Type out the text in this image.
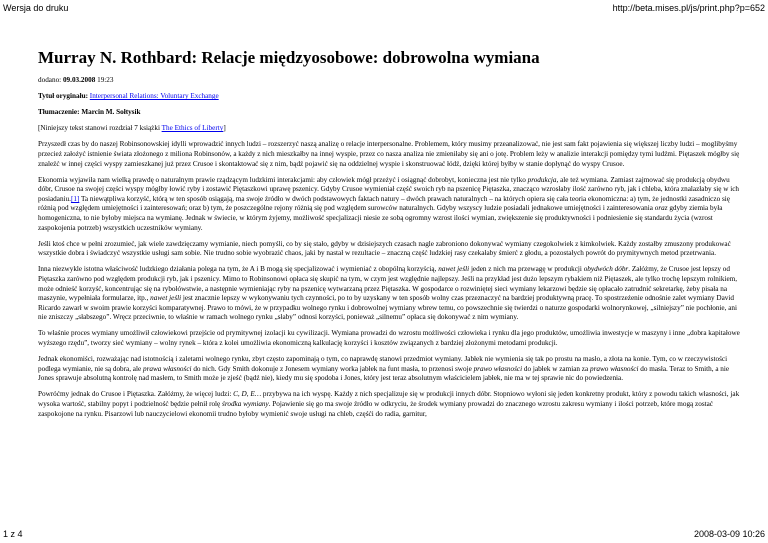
Wersja do druku	http://beta.mises.pl/js/print.php?p=652
Murray N. Rothbard: Relacje międzyosobowe: dobrowolna wymiana

dodano: 09.03.2008 19:23

Tytuł oryginału: Interpersonal Relations: Voluntary Exchange

Tłumaczenie: Marcin M. Sołtysik

[Niniejszy tekst stanowi rozdział 7 książki The Ethics of Liberty]

Przyszedł czas by do naszej Robinsonowskiej idylli wprowadzić innych ludzi – rozszerzyć naszą analizę o relacje interpersonalne. Problemem, który musimy przeanalizować, nie jest sam fakt pojawienia się większej liczby ludzi – moglibyśmy przecież założyć istnienie świata złożonego z miliona Robinsonów, a każdy z nich mieszkałby na innej wyspie, przez co nasza analiza nie zmieniłaby się ani o jotę. Problem leży w analizie interakcji pomiędzy tymi ludźmi. Piętaszek mógłby się znaleźć w innej części wyspy zamieszkanej już przez Crusoe i skontaktować się z nim, bądź pojawić się na oddzielnej wyspie i skonstruować łódź, dzięki której byłby w stanie dopłynąć do wyspy Crusoe.

Ekonomia wyjawiła nam wielką prawdę o naturalnym prawie rządzącym ludzkimi interakcjami: aby człowiek mógł przeżyć i osiągnąć dobrobyt, konieczna jest nie tylko produkcja, ale też wymiana. Zamiast zajmować się produkcją obydwu dóbr, Crusoe na swojej części wyspy mógłby łowić ryby i zostawić Piętaszkowi uprawę pszenicy. Gdyby Crusoe wymieniał część swoich ryb na pszenicę Piętaszka, znacząco wzrosłaby ilość zarówno ryb, jak i chleba, która znalazłaby się w ich posiadaniu.[1] Ta niewątpliwa korzyść, którą w ten sposób osiągają, ma swoje źródło w dwóch podstawowych faktach natury – dwóch prawach naturalnych – na których opiera się cała teoria ekonomiczna: a) tym, że jednostki zasadniczo się różnią pod względem umiejętności i zainteresowań; oraz b) tym, że poszczególne rejony różnią się pod względem surowców naturalnych. Gdyby wszyscy ludzie posiadali jednakowe umiejętności i zainteresowania oraz gdyby ziemia była homogeniczna, to nie byłoby miejsca na wymianę. Jednak w świecie, w którym żyjemy, możliwość specjalizacji niesie ze sobą ogromny wzrost ilości wymian, zwiększenie się produktywności i podniesienie się standardu życia (wzrost zaspokojenia potrzeb) wszystkich uczestników wymiany.

Jeśli ktoś chce w pełni zrozumieć, jak wiele zawdzięczamy wymianie, niech pomyśli, co by się stało, gdyby w dzisiejszych czasach nagle zabroniono dokonywać wymiany czegokolwiek z kimkolwiek. Każdy zostałby zmuszony produkować wszystkie dobra i świadczyć wszystkie usługi sam sobie. Nie trudno sobie wyobrazić chaos, jaki by nastał w rezultacie – znaczną część ludzkiej rasy czekałaby śmierć z głodu, a pozostałych powrót do prymitywnych metod przetrwania.

Inna niezwykle istotna właściwość ludzkiego działania polega na tym, że A i B mogą się specjalizować i wymieniać z obopólną korzyścią, nawet jeśli jeden z nich ma przewagę w produkcji obydwóch dóbr. Załóżmy, że Crusoe jest lepszy od Piętaszka zarówno pod względem produkcji ryb, jak i pszenicy. Mimo to Robinsonowi opłaca się skupić na tym, w czym jest względnie najlepszy. Jeśli na przykład jest dużo lepszym rybakiem niż Piętaszek, ale tylko trochę lepszym rolnikiem, może odnieść korzyść, koncentrując się na rybołówstwie, a następnie wymieniając ryby na pszenicę wytwarzaną przez Piętaszka. W gospodarce o rozwiniętej sieci wymiany lekarzowi będzie się opłacało zatrudnić sekretarkę, żeby pisała na maszynie, wypełniała formularze, itp., nawet jeśli jest znacznie lepszy w wykonywaniu tych czynności, po to by uzyskany w ten sposób wolny czas przeznaczyć na bardziej produktywną pracę. To spostrzeżenie odnośnie zalet wymiany David Ricardo zawarł w swoim prawie korzyści komparatywnej. Prawo to mówi, że w przypadku wolnego rynku i dobrowolnej wymiany wbrew temu, co powszechnie się twierdzi o naturze gospodarki wolnorynkowej, „silniejszy” nie pochłonie, ani nie zniszczy „słabszego”. Wręcz przeciwnie, to właśnie w ramach wolnego rynku „słaby” odnosi korzyści, ponieważ „silnemu” opłaca się dokonywać z nim wymiany.

To właśnie proces wymiany umożliwił człowiekowi przejście od prymitywnej izolacji ku cywilizacji. Wymiana prowadzi do wzrostu możliwości człowieka i rynku dla jego produktów, umożliwia inwestycje w maszyny i inne „dobra kapitałowe wyższego rzędu”, tworzy sieć wymiany – wolny rynek – która z kolei umożliwia ekonomiczną kalkulację korzyści i kosztów związanych z bardziej złożonymi metodami produkcji.

Jednak ekonomiści, rozważając nad istotnością i zaletami wolnego rynku, zbyt często zapominają o tym, co naprawdę stanowi przedmiot wymiany. Jabłek nie wymienia się tak po prostu na masło, a złota na konie. Tym, co w rzeczywistości podlega wymianie, nie są dobra, ale prawa własności do nich. Gdy Smith dokonuje z Jonesem wymiany worka jabłek na funt masła, to przenosi swoje prawo własności do jabłek w zamian za prawo własności do masła. Teraz to Smith, a nie Jones sprawuje absolutną kontrolę nad masłem, to Smith może je zjeść (bądź nie), kiedy mu się spodoba i Jones, który jest teraz absolutnym właścicielem jabłek, nie ma w tej sprawie nic do powiedzenia.

Powróćmy jednak do Crusoe i Piętaszka. Załóżmy, że więcej ludzi: C, D, E… przybywa na ich wyspę. Każdy z nich specjalizuje się w produkcji innych dóbr. Stopniowo wyłoni się jeden konkretny produkt, który z powodu takich własności, jak wysoka wartość, stabilny popyt i podzielność będzie pełnił rolę środka wymiany. Pojawienie się go ma swoje źródło w odkryciu, że środek wymiany prowadzi do znacznego wzrostu zakresu wymiany i ilości potrzeb, które mogą zostać zaspokojone na rynku. Pisarzowi lub nauczycielowi ekonomii trudno byłoby wymienić swoje usługi na chleb, częśći do radia, garnitur,

1 z 4	2008-03-09 10:26
